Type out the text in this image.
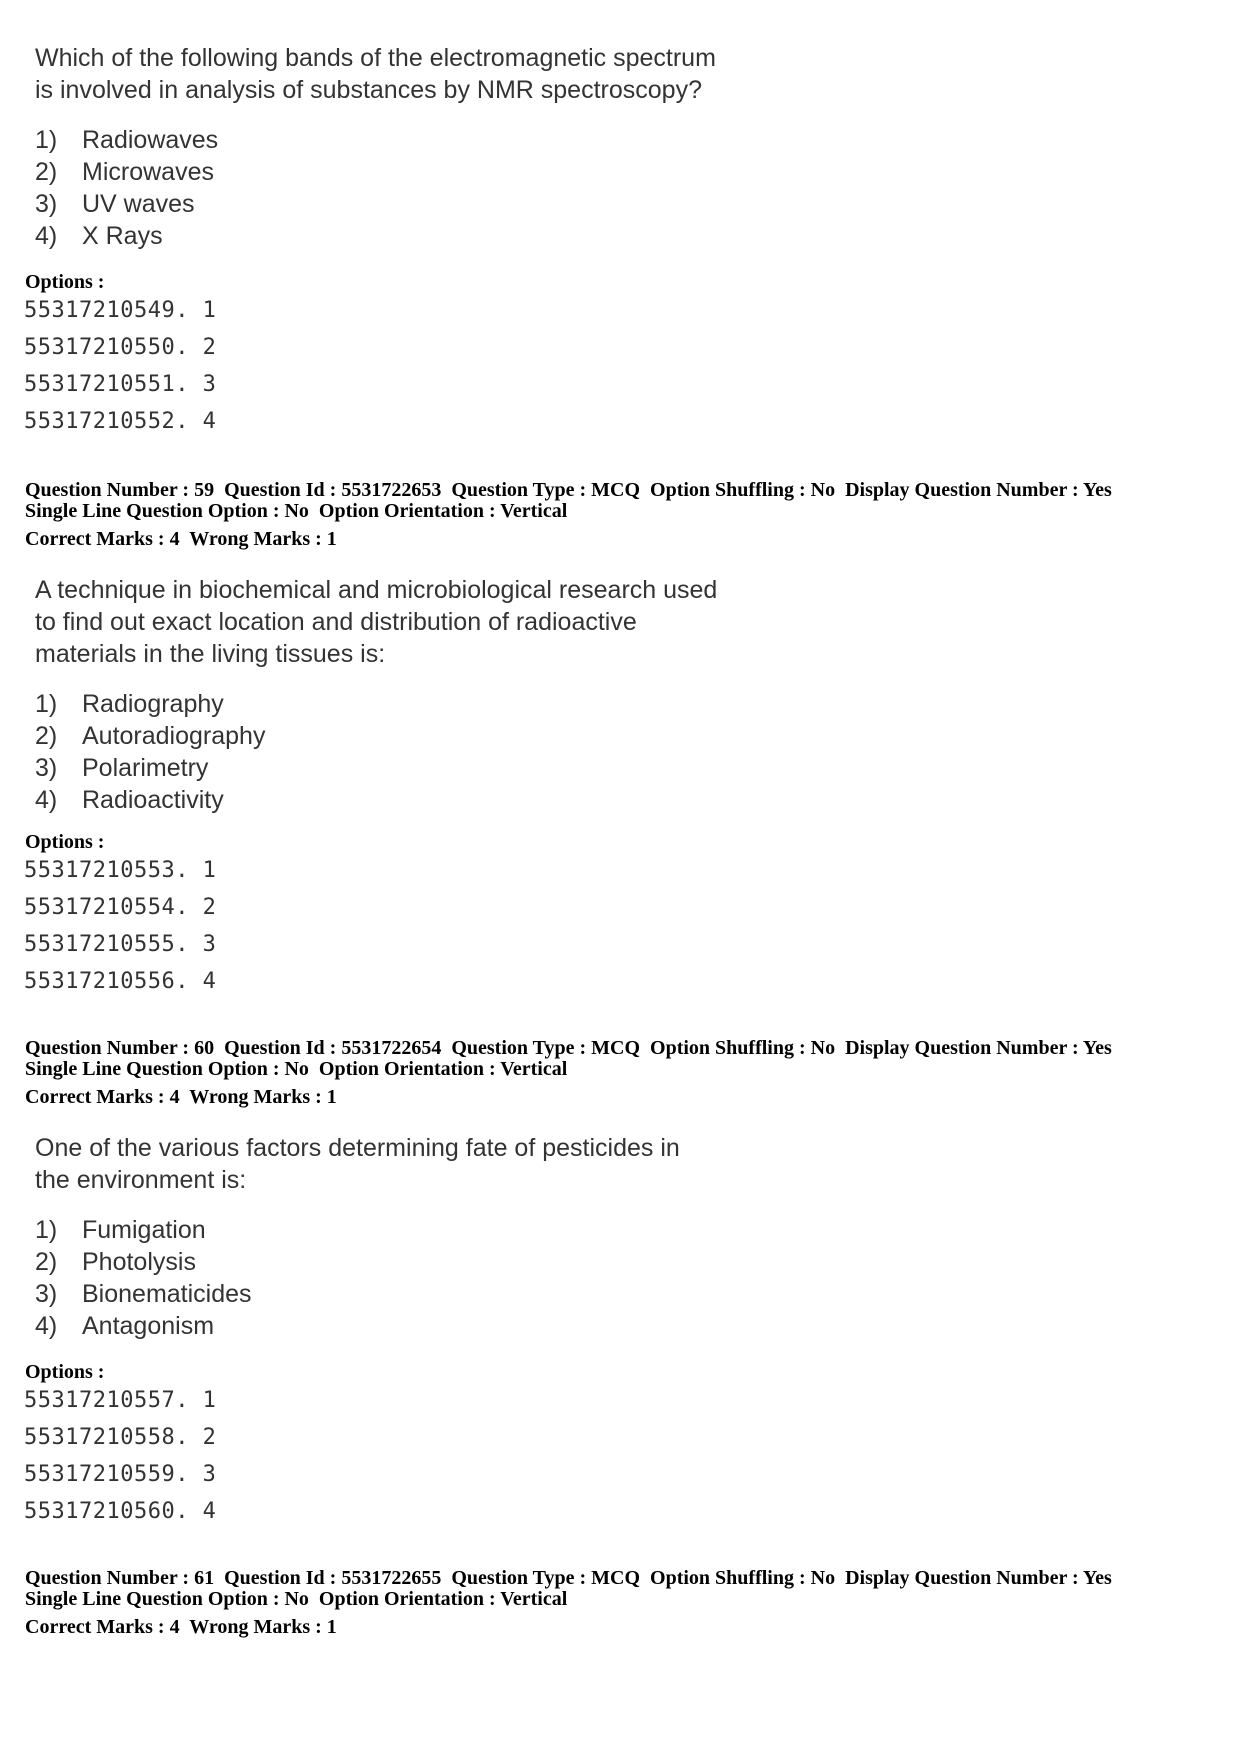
Which of the following bands of the electromagnetic spectrum
is involved in analysis of substances by NMR spectroscopy?
1) Radiowaves
2) Microwaves
3) UV waves
4) X Rays
Options :
55317210549. 1
55317210550. 2
55317210551. 3
55317210552. 4
Question Number : 59  Question Id : 5531722653  Question Type : MCQ  Option Shuffling : No  Display Question Number : Yes
Single Line Question Option : No  Option Orientation : Vertical
Correct Marks : 4  Wrong Marks : 1
A technique in biochemical and microbiological research used
to find out exact location and distribution of radioactive
materials in the living tissues is:
1) Radiography
2) Autoradiography
3) Polarimetry
4) Radioactivity
Options :
55317210553. 1
55317210554. 2
55317210555. 3
55317210556. 4
Question Number : 60  Question Id : 5531722654  Question Type : MCQ  Option Shuffling : No  Display Question Number : Yes
Single Line Question Option : No  Option Orientation : Vertical
Correct Marks : 4  Wrong Marks : 1
One of the various factors determining fate of pesticides in
the environment is:
1) Fumigation
2) Photolysis
3) Bionematicides
4) Antagonism
Options :
55317210557. 1
55317210558. 2
55317210559. 3
55317210560. 4
Question Number : 61  Question Id : 5531722655  Question Type : MCQ  Option Shuffling : No  Display Question Number : Yes
Single Line Question Option : No  Option Orientation : Vertical
Correct Marks : 4  Wrong Marks : 1
